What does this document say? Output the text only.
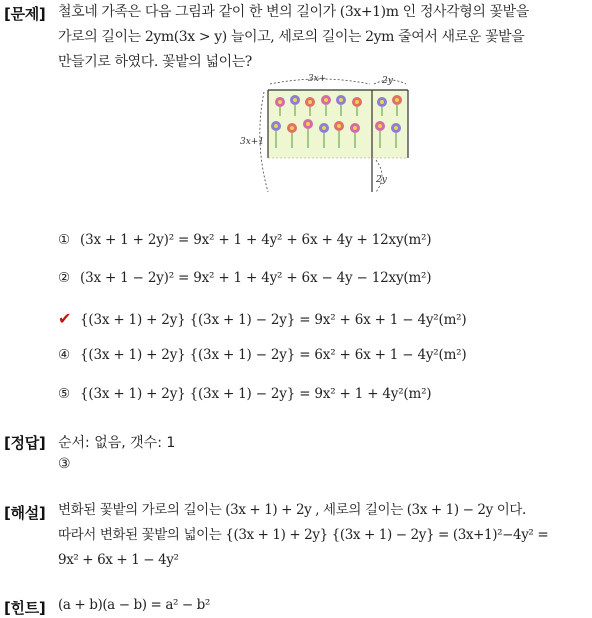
[문제] 철호네 가족은 다음 그림과 같이 한 변의 길이가 (3x+1)m 인 정사각형의 꽃밭을
가로의 길이는 2ym(3x > y) 늘이고, 세로의 길이는 2ym 줄여서 새로운 꽃밭을
만들기로 하였다. 꽃밭의 넓이는?
3x+	2y
3x+1
2y
① (3x + 1 + 2y)² = 9x² + 1 + 4y² + 6x + 4y + 12xy(m²)
② (3x + 1 − 2y)² = 9x² + 1 + 4y² + 6x − 4y − 12xy(m²)
✔ {(3x + 1) + 2y} {(3x + 1) − 2y} = 9x² + 6x + 1 − 4y²(m²)
④ {(3x + 1) + 2y} {(3x + 1) − 2y} = 6x² + 6x + 1 − 4y²(m²)
⑤ {(3x + 1) + 2y} {(3x + 1) − 2y} = 9x² + 1 + 4y²(m²)
[정답] 순서: 없음, 갯수: 1
③
[해설] 변화된 꽃밭의 가로의 길이는 (3x + 1) + 2y , 세로의 길이는 (3x + 1) − 2y 이다.
따라서 변화된 꽃밭의 넓이는 {(3x + 1) + 2y} {(3x + 1) − 2y} = (3x+1)²−4y² =
9x² + 6x + 1 − 4y²
[힌트] (a + b)(a − b) = a² − b²
